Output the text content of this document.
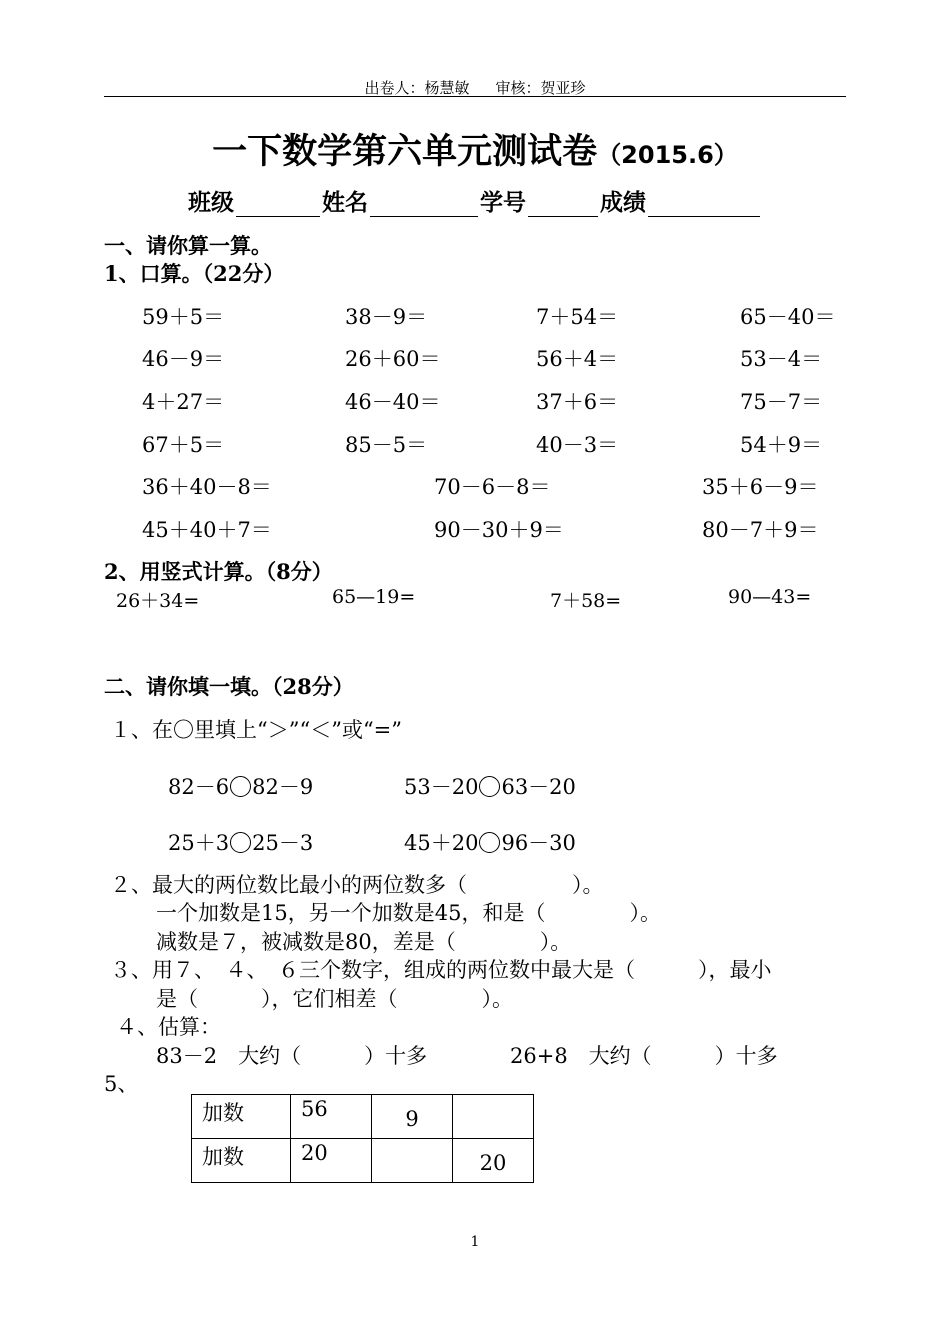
出卷人：杨慧敏 审核：贺亚珍
一下数学第六单元测试卷（2015.6）
班级	姓名	学号	成绩
一、请你算一算。
1、口算。（22分）
59＋5＝	38－9＝	7＋54＝	65－40＝
46－9＝	26＋60＝	56＋4＝	53－4＝
4＋27＝	46－40＝	37＋6＝	75－7＝
67＋5＝	85－5＝	40－3＝	54＋9＝
36＋40－8＝	70－6－8＝	35＋6－9＝
45＋40＋7＝	90－30＋9＝	80－7＋9＝
2、用竖式计算。（8分）
26＋34=	65—19=	7＋58=	90—43=
二、请你填一填。（28分）
１、在〇里填上“＞”“＜”或“=”
82－6 82－9	53－20 63－20
25＋3 25－3	45＋20 96－30
２、最大的两位数比最小的两位数多（　　　　　）。
一个加数是15，另一个加数是45，和是（　　　　）。
减数是７，被减数是80，差是（　　　　）。
３、用７、　４、　６三个数字，组成的两位数中最大是（　　　），最小
是（　　　），它们相差（　　　　）。
４、估算：
83－2　大约（　　　）十多	26+8　大约（　　　）十多
5、
加数	56	9	

加数	20		20
1
